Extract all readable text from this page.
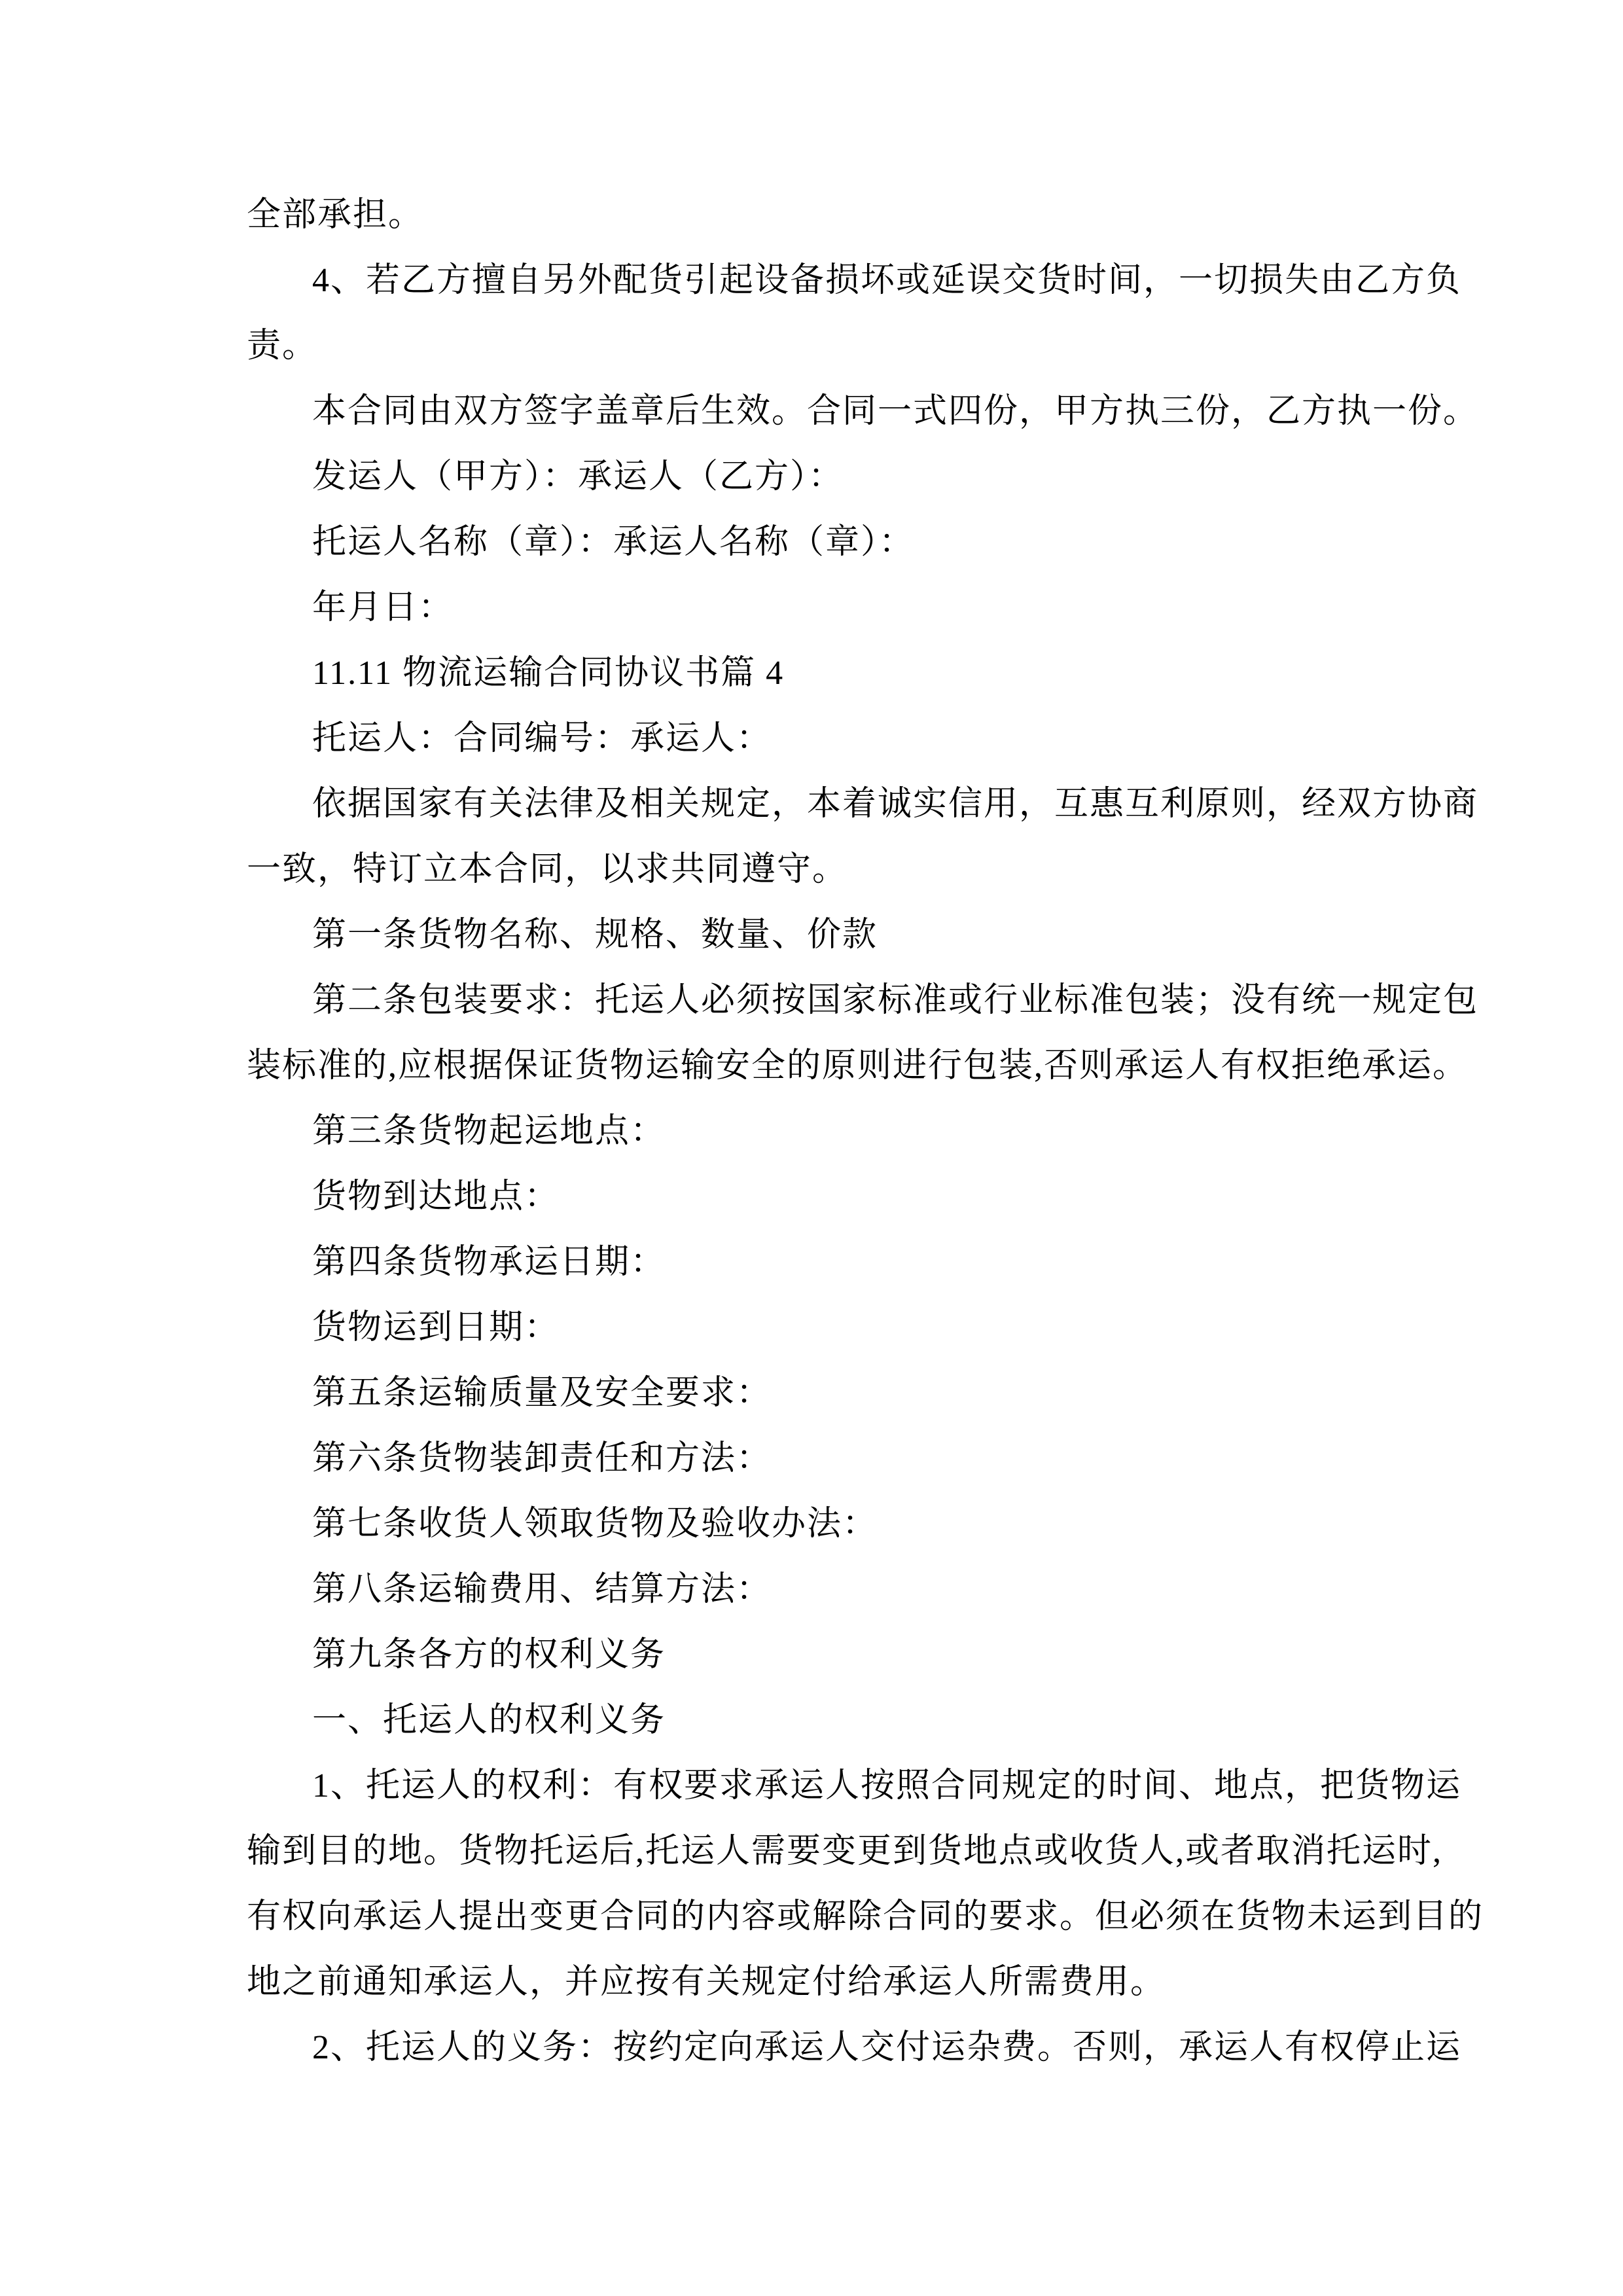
全部承担。
4、若乙方擅自另外配货引起设备损坏或延误交货时间，一切损失由乙方负
责。
本合同由双方签字盖章后生效。合同一式四份，甲方执三份，乙方执一份。
发运人（甲方）：承运人（乙方）：
托运人名称（章）：承运人名称（章）：
年月日：
11.11 物流运输合同协议书篇 4
托运人：合同编号：承运人：
依据国家有关法律及相关规定，本着诚实信用，互惠互利原则，经双方协商
一致，特订立本合同，以求共同遵守。
第一条货物名称、规格、数量、价款
第二条包装要求：托运人必须按国家标准或行业标准包装；没有统一规定包
装标准的,应根据保证货物运输安全的原则进行包装,否则承运人有权拒绝承运。
第三条货物起运地点：
货物到达地点：
第四条货物承运日期：
货物运到日期：
第五条运输质量及安全要求：
第六条货物装卸责任和方法：
第七条收货人领取货物及验收办法：
第八条运输费用、结算方法：
第九条各方的权利义务
一、托运人的权利义务
1、托运人的权利：有权要求承运人按照合同规定的时间、地点，把货物运
输到目的地。货物托运后,托运人需要变更到货地点或收货人,或者取消托运时,
有权向承运人提出变更合同的内容或解除合同的要求。但必须在货物未运到目的
地之前通知承运人，并应按有关规定付给承运人所需费用。
2、托运人的义务：按约定向承运人交付运杂费。否则，承运人有权停止运
